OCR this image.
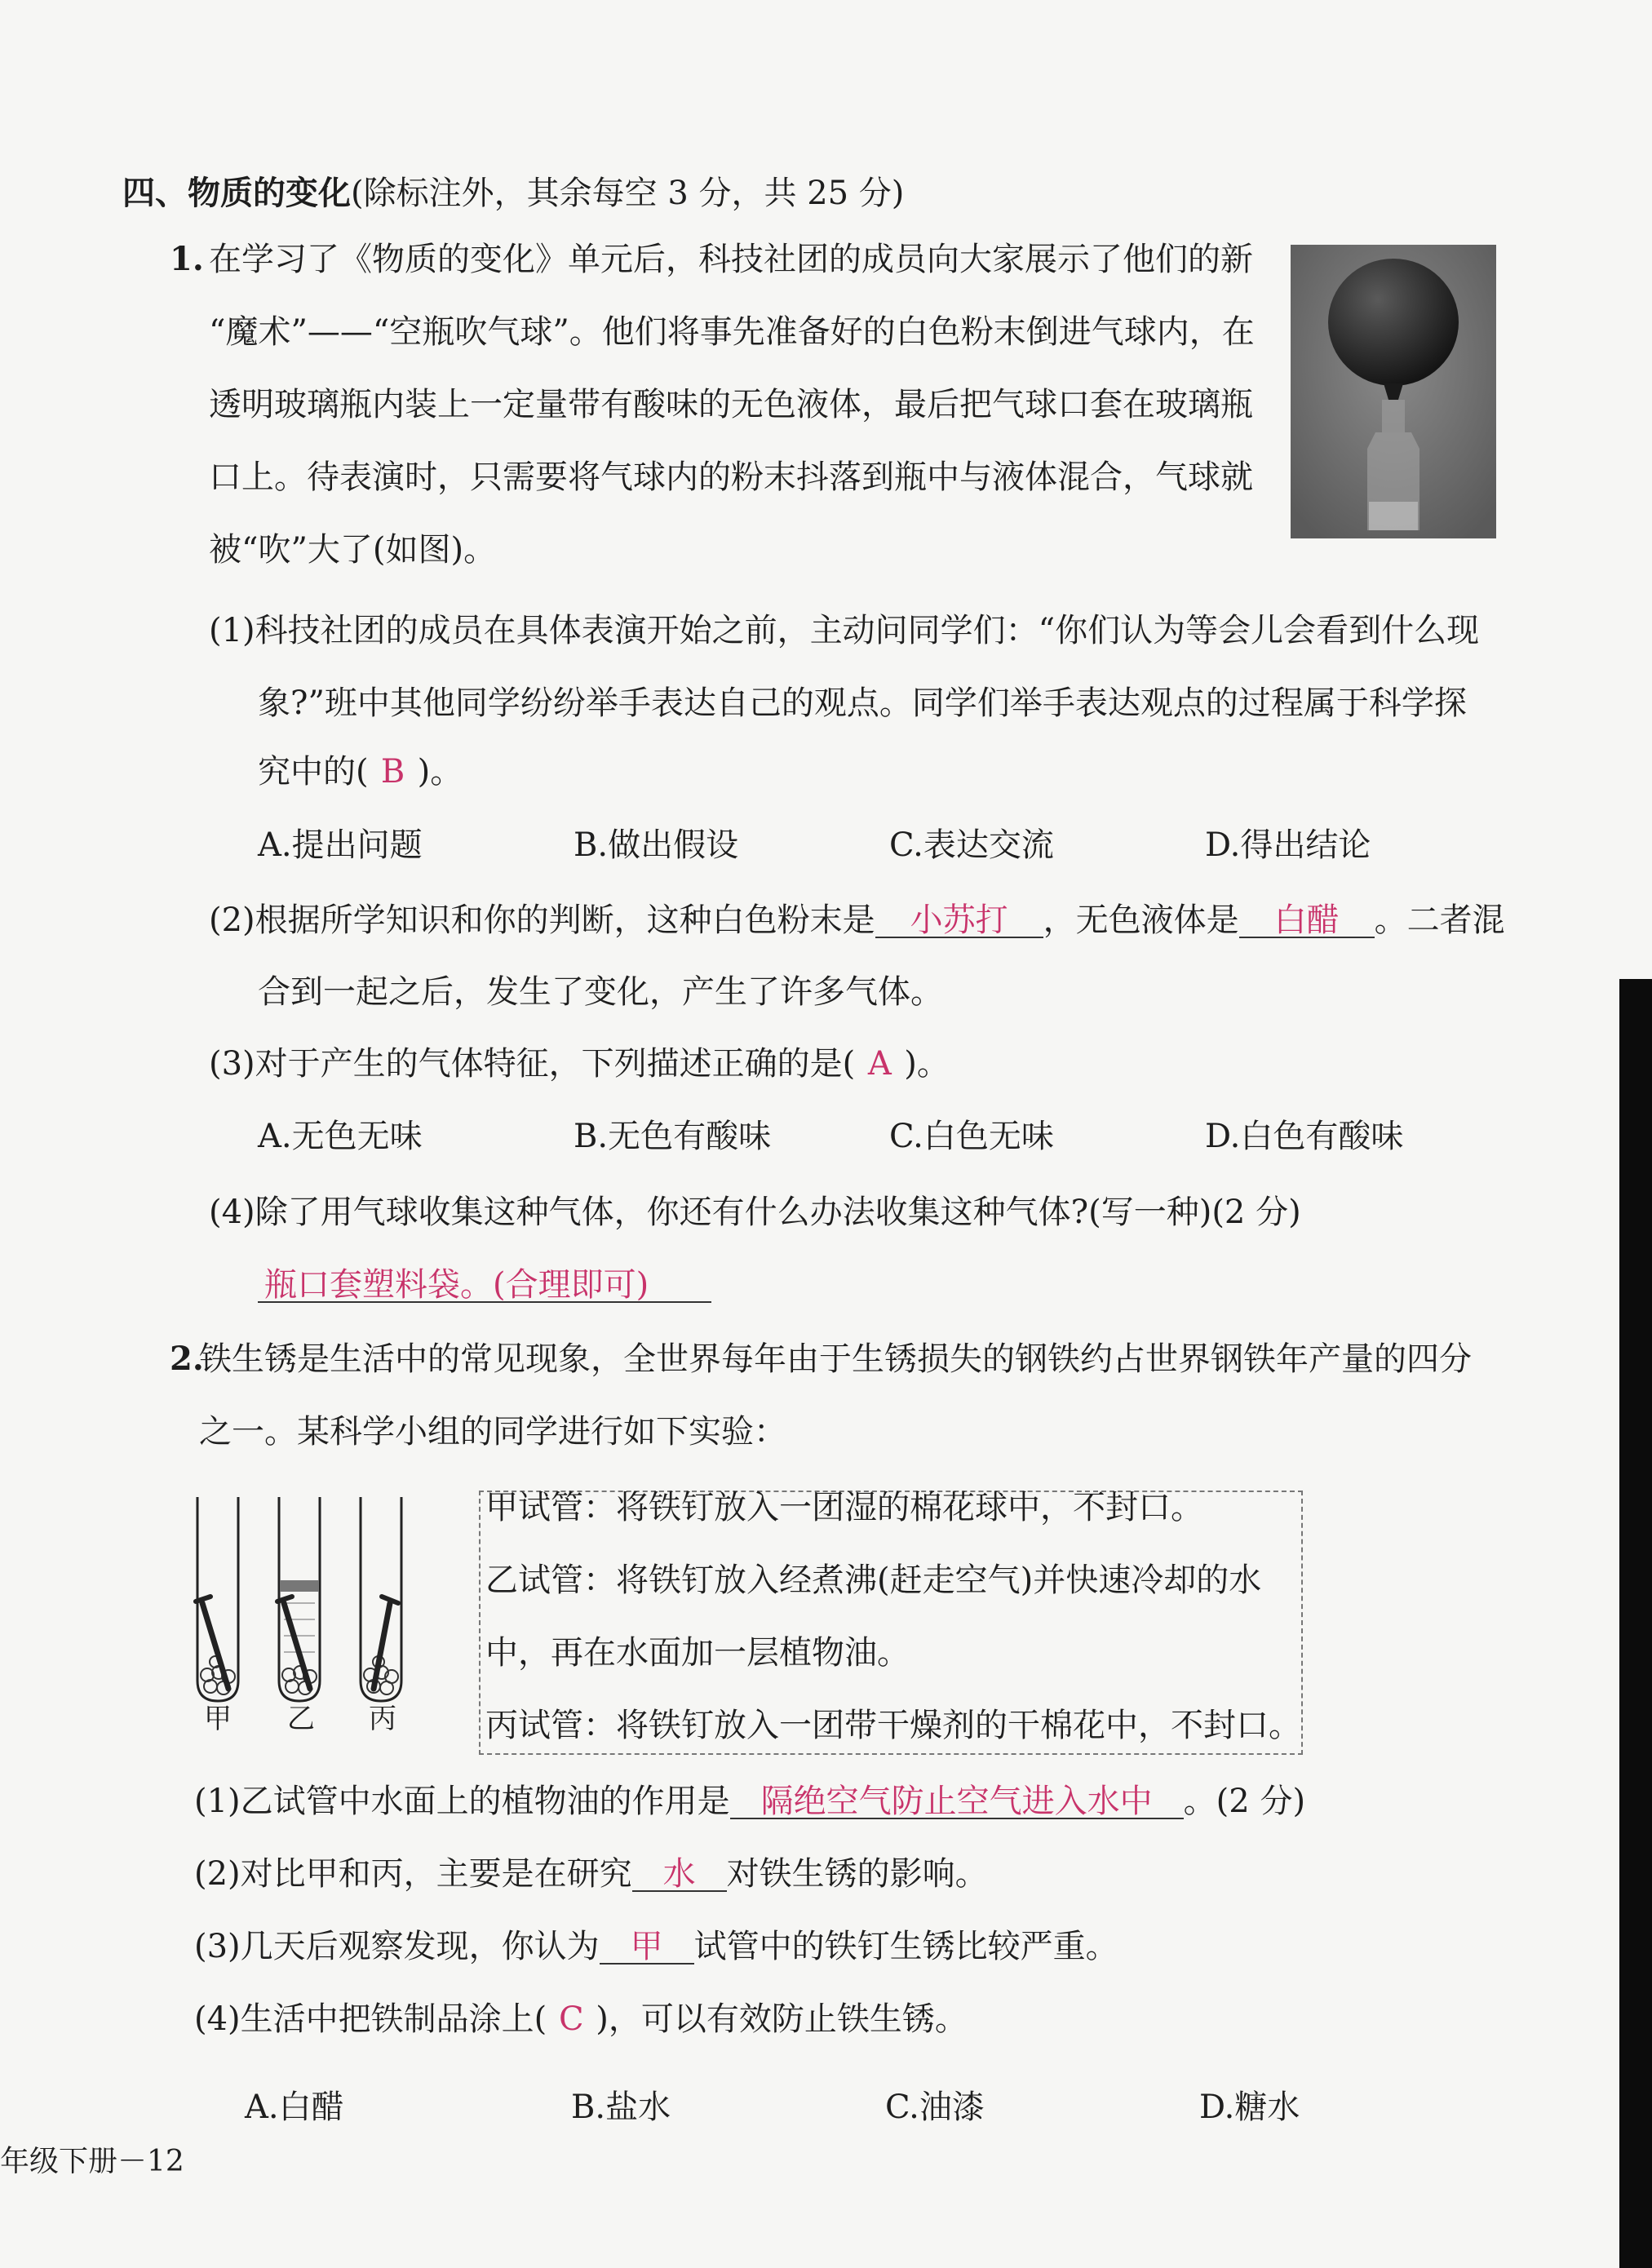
四、物质的变化(除标注外，其余每空 3 分，共 25 分)
1. 在学习了《物质的变化》单元后，科技社团的成员向大家展示了他们的新
“魔术”——“空瓶吹气球”。他们将事先准备好的白色粉末倒进气球内，在
透明玻璃瓶内装上一定量带有酸味的无色液体，最后把气球口套在玻璃瓶
口上。待表演时，只需要将气球内的粉末抖落到瓶中与液体混合，气球就
被“吹”大了(如图)。
(1)科技社团的成员在具体表演开始之前，主动问同学们：“你们认为等会儿会看到什么现
象?”班中其他同学纷纷举手表达自己的观点。同学们举手表达观点的过程属于科学探
究中的( B )。
A.提出问题	B.做出假设	C.表达交流	D.得出结论
(2)根据所学知识和你的判断，这种白色粉末是 小苏打 ，无色液体是 白醋 。二者混
合到一起之后，发生了变化，产生了许多气体。
(3)对于产生的气体特征，下列描述正确的是( A )。
A.无色无味	B.无色有酸味	C.白色无味	D.白色有酸味
(4)除了用气球收集这种气体，你还有什么办法收集这种气体?(写一种)(2 分)
瓶口套塑料袋。(合理即可)
2.
铁生锈是生活中的常见现象，全世界每年由于生锈损失的钢铁约占世界钢铁年产量的四分
之一。某科学小组的同学进行如下实验：
甲 乙 丙
甲试管：将铁钉放入一团湿的棉花球中，不封口。
乙试管：将铁钉放入经煮沸(赶走空气)并快速冷却的水
中，再在水面加一层植物油。
丙试管：将铁钉放入一团带干燥剂的干棉花中，不封口。
(1)乙试管中水面上的植物油的作用是 隔绝空气防止空气进入水中 。(2 分)
(2)对比甲和丙，主要是在研究 水 对铁生锈的影响。
(3)几天后观察发现，你认为 甲 试管中的铁钉生锈比较严重。
(4)生活中把铁制品涂上( C )，可以有效防止铁生锈。
A.白醋	B.盐水	C.油漆	D.糖水
年级下册－12
